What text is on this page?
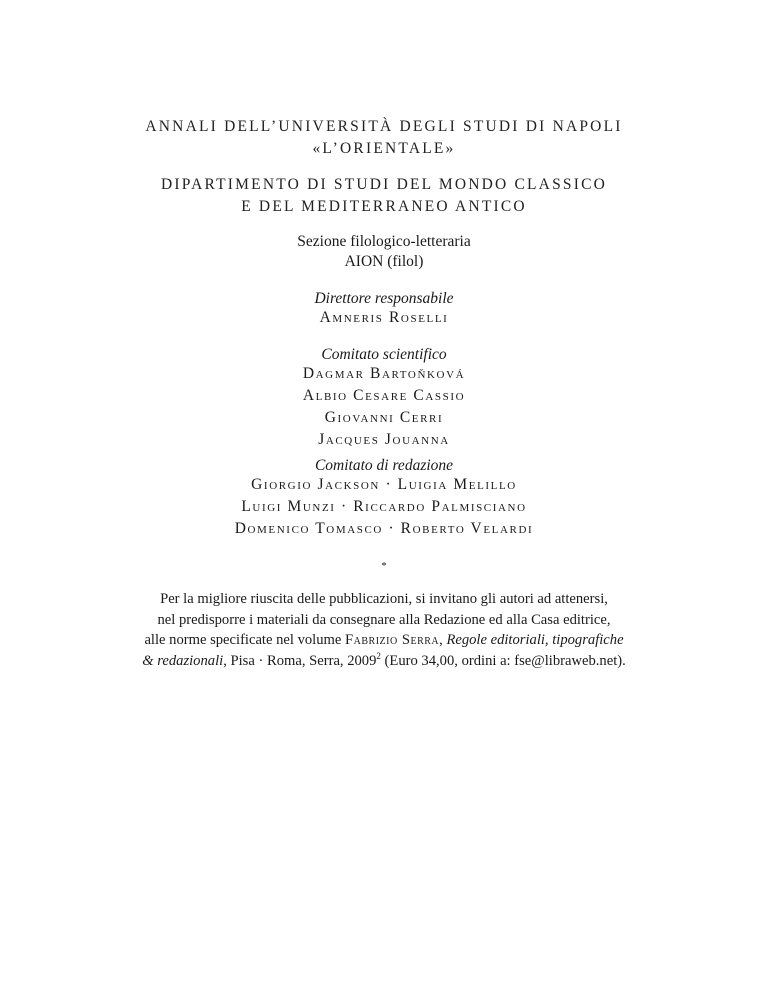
ANNALI DELL’UNIVERSITÀ DEGLI STUDI DI NAPOLI
«L’ORIENTALE»
DIPARTIMENTO DI STUDI DEL MONDO CLASSICO
E DEL MEDITERRANEO ANTICO
Sezione filologico-letteraria
AION (filol)
Direttore responsabile
Amneris Roselli
Comitato scientifico
Dagmar Bartoňková
Albio Cesare Cassio
Giovanni Cerri
Jacques Jouanna
Comitato di redazione
Giorgio Jackson · Luigia Melillo
Luigi Munzi · Riccardo Palmisciano
Domenico Tomasco · Roberto Velardi
*
Per la migliore riuscita delle pubblicazioni, si invitano gli autori ad attenersi,
nel predisporre i materiali da consegnare alla Redazione ed alla Casa editrice,
alle norme specificate nel volume Fabrizio Serra, Regole editoriali, tipografiche
& redazionali, Pisa · Roma, Serra, 2009$^2$ (Euro 34,00, ordini a: fse@libraweb.net).
